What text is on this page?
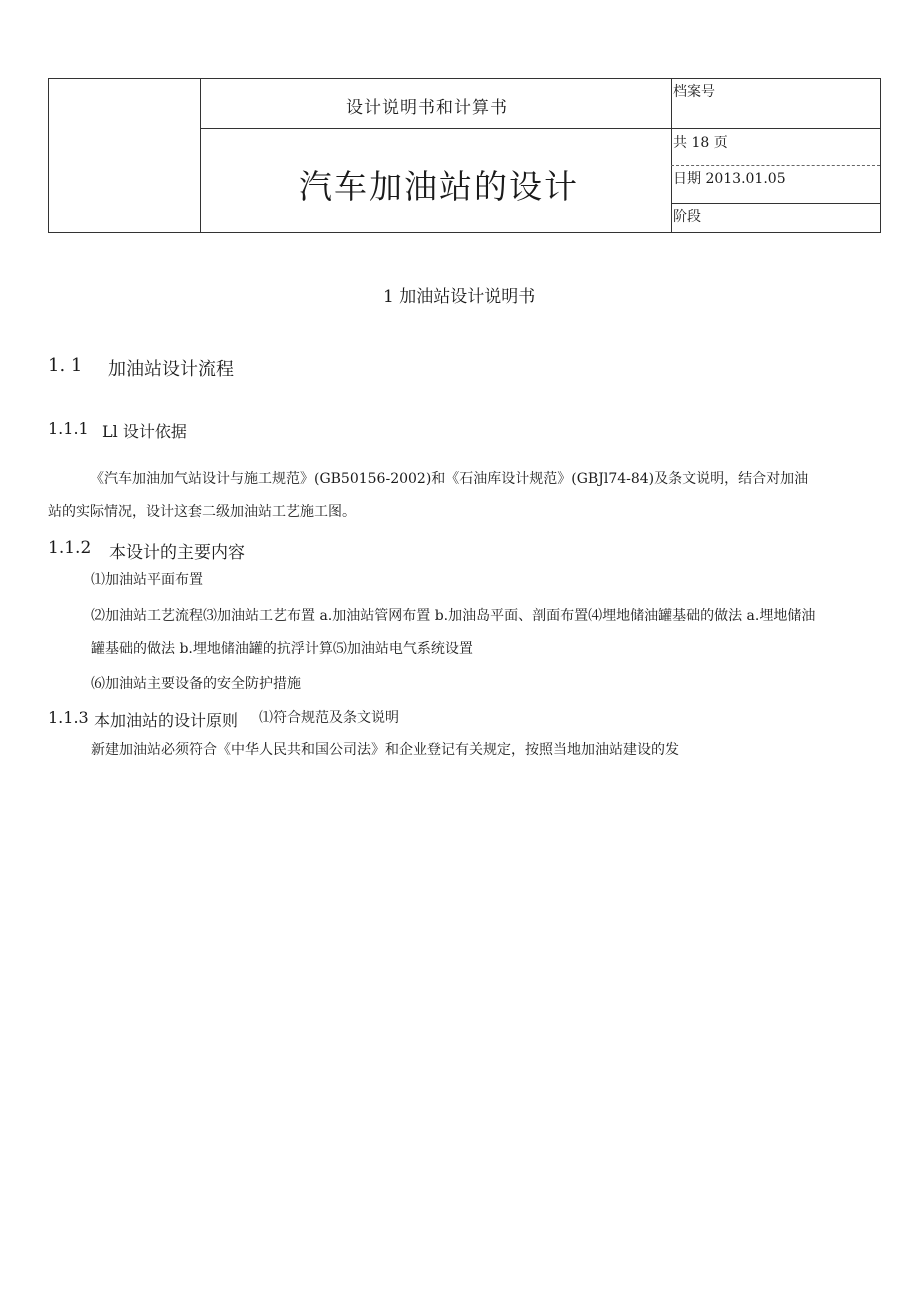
设计说明书和计算书
汽车加油站的设计
档案号
共 18 页
日期 2013.01.05
阶段
1 加油站设计说明书
1. 1 加油站设计流程
1.1.1 Ll 设计依据
《汽车加油加气站设计与施工规范》(GB50156-2002)和《石油库设计规范》(GBJl74-84)及条文说明，结合对加油
站的实际情况，设计这套二级加油站工艺施工图。
1.1.2 本设计的主要内容
⑴加油站平面布置
⑵加油站工艺流程⑶加油站工艺布置 a.加油站管网布置 b.加油岛平面、剖面布置⑷埋地储油罐基础的做法 a.埋地储油
罐基础的做法 b.埋地储油罐的抗浮计算⑸加油站电气系统设置
⑹加油站主要设备的安全防护措施
1.1.3 本加油站的设计原则 ⑴符合规范及条文说明
新建加油站必须符合《中华人民共和国公司法》和企业登记有关规定，按照当地加油站建设的发
